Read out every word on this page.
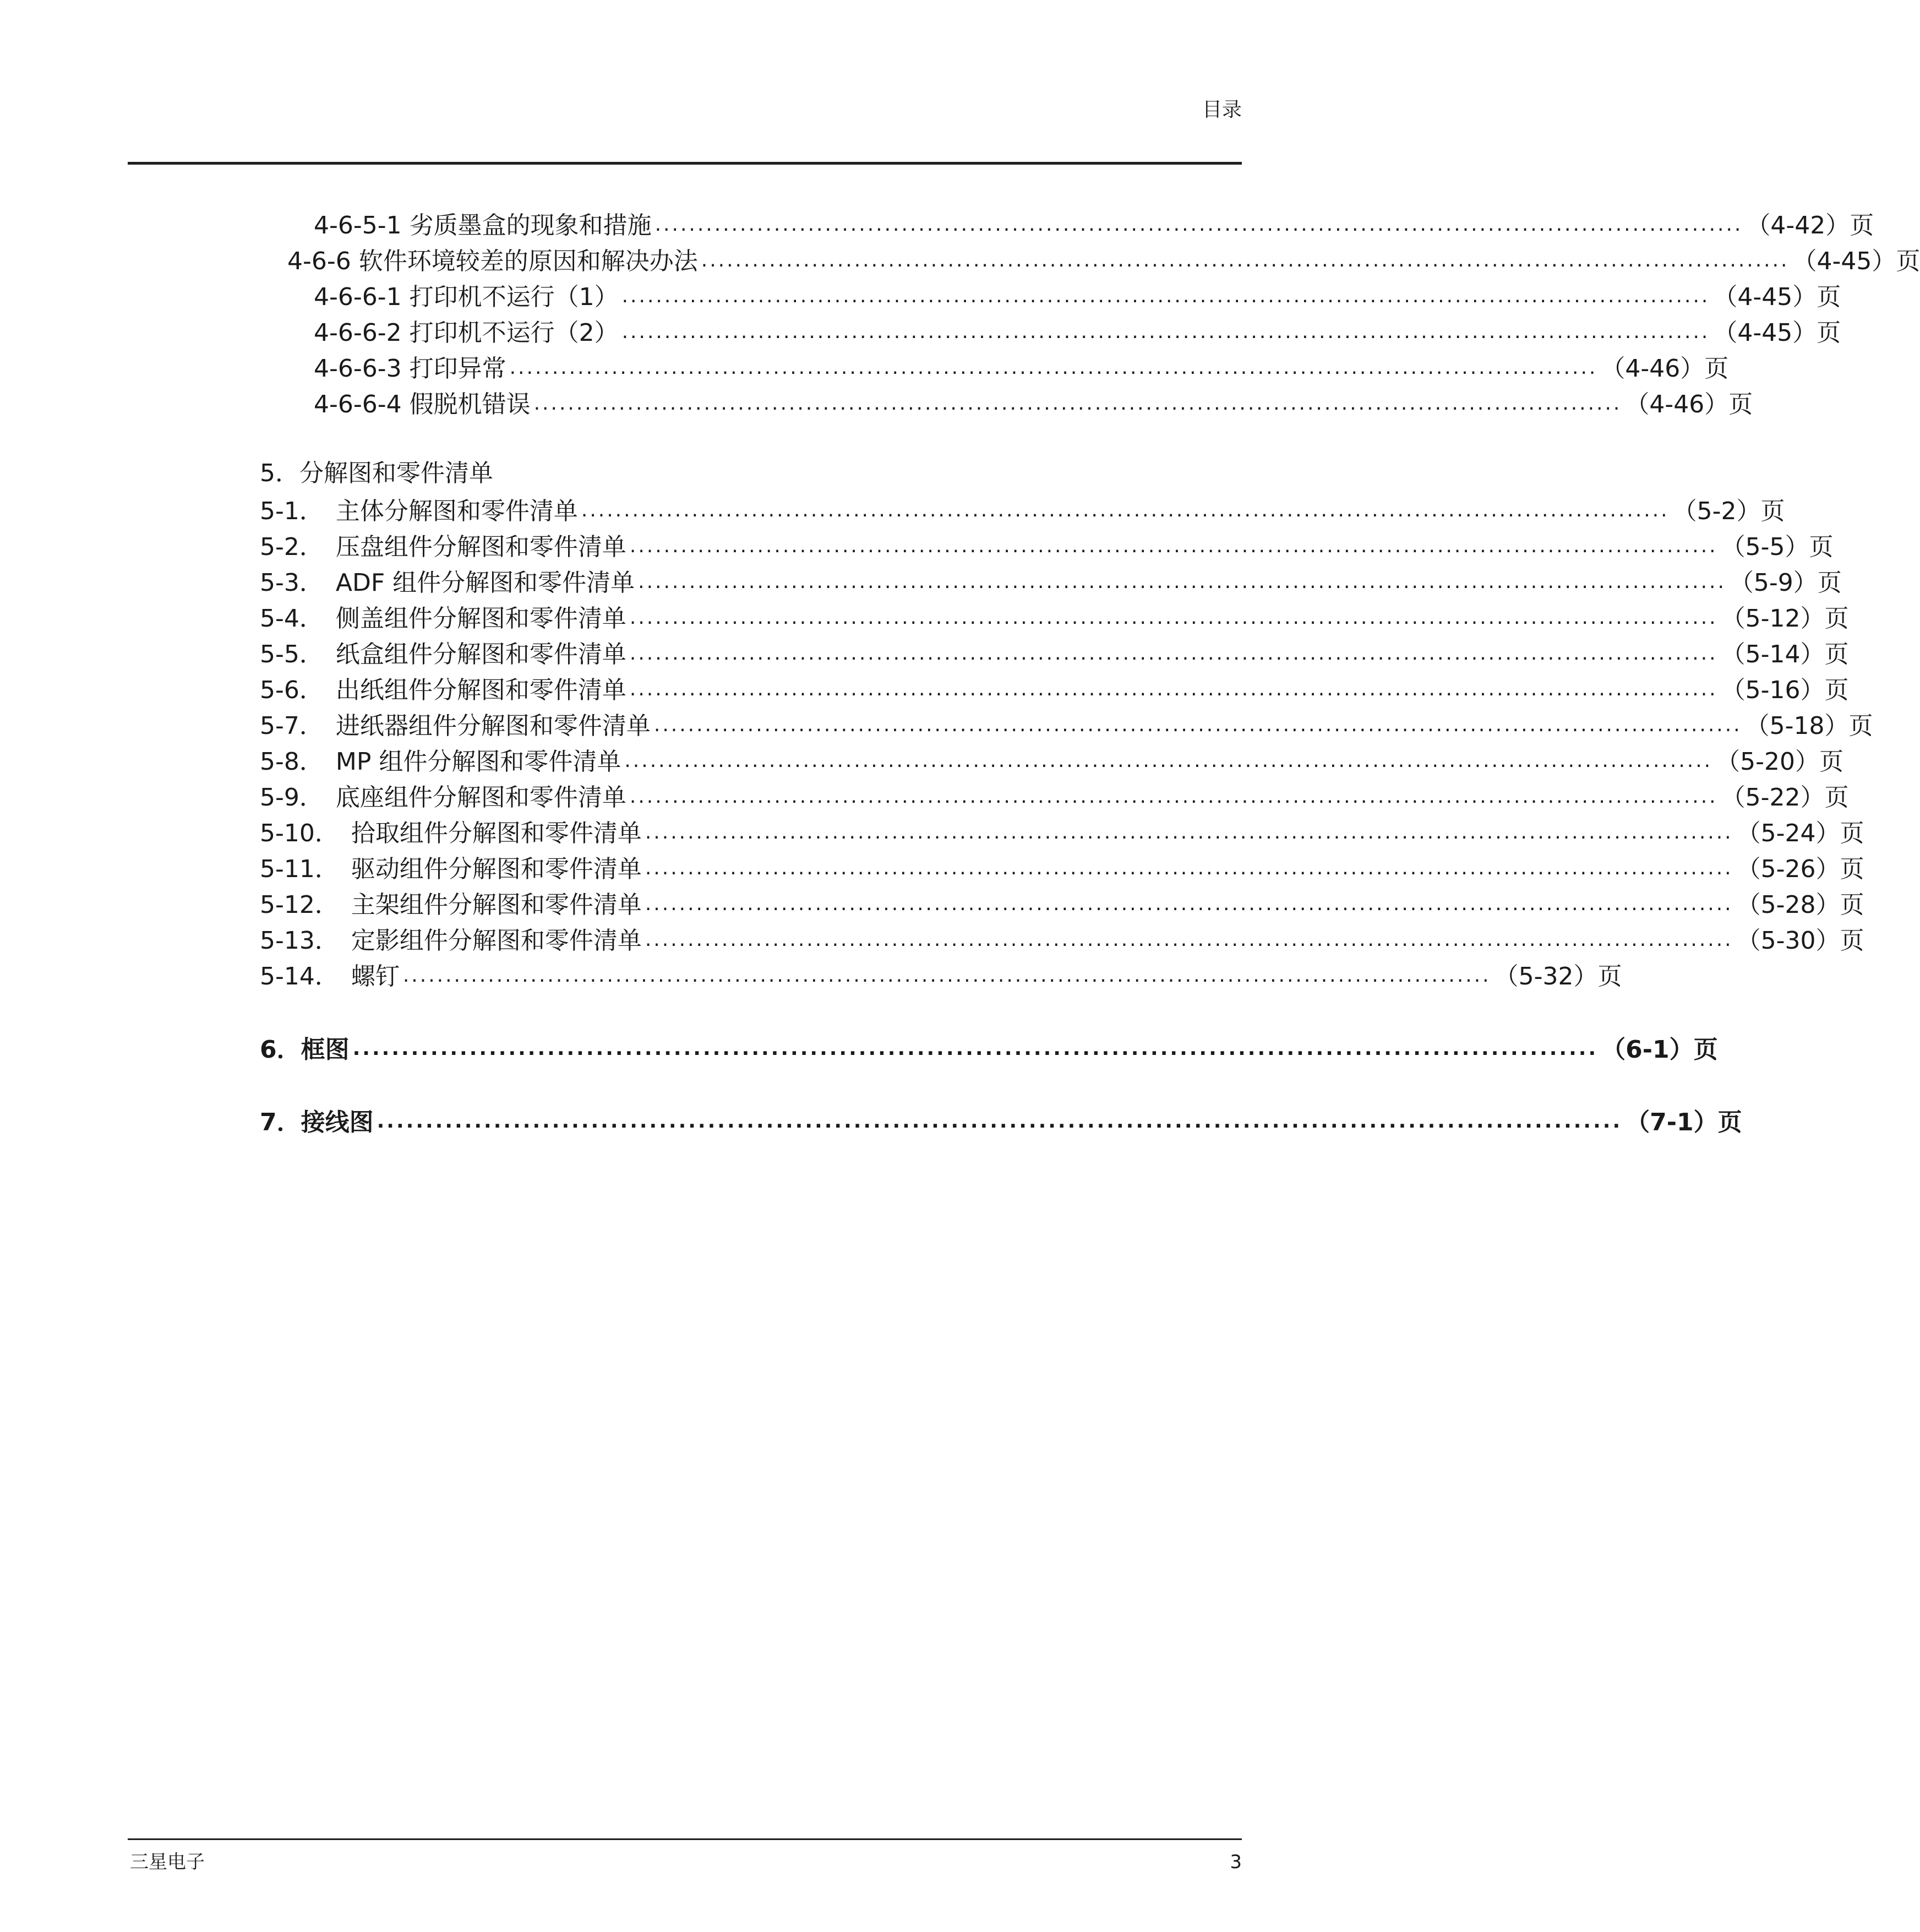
目录
4-6-5-1 劣质墨盒的现象和措施 ................................................................................................................................ （4-42）页
4-6-6 软件环境较差的原因和解决办法 ................................................................................................................................ （4-45）页
4-6-6-1 打印机不运行（1） ................................................................................................................................ （4-45）页
4-6-6-2 打印机不运行（2） ................................................................................................................................ （4-45）页
4-6-6-3 打印异常 ................................................................................................................................ （4-46）页
4-6-6-4 假脱机错误 ................................................................................................................................ （4-46）页
5．分解图和零件清单
5-1． 主体分解图和零件清单 ................................................................................................................................ （5-2）页
5-2． 压盘组件分解图和零件清单 ................................................................................................................................ （5-5）页
5-3． ADF 组件分解图和零件清单 ................................................................................................................................ （5-9）页
5-4． 侧盖组件分解图和零件清单 ................................................................................................................................ （5-12）页
5-5． 纸盒组件分解图和零件清单 ................................................................................................................................ （5-14）页
5-6． 出纸组件分解图和零件清单 ................................................................................................................................ （5-16）页
5-7． 进纸器组件分解图和零件清单 ................................................................................................................................ （5-18）页
5-8． MP 组件分解图和零件清单 ................................................................................................................................ （5-20）页
5-9． 底座组件分解图和零件清单 ................................................................................................................................ （5-22）页
5-10． 拾取组件分解图和零件清单 ................................................................................................................................ （5-24）页
5-11． 驱动组件分解图和零件清单 ................................................................................................................................ （5-26）页
5-12． 主架组件分解图和零件清单 ................................................................................................................................ （5-28）页
5-13． 定影组件分解图和零件清单 ................................................................................................................................ （5-30）页
5-14． 螺钉 ................................................................................................................................ （5-32）页
6．框图 ................................................................................................................................ （6-1）页
7．接线图 ................................................................................................................................ （7-1）页
三星电子	3
